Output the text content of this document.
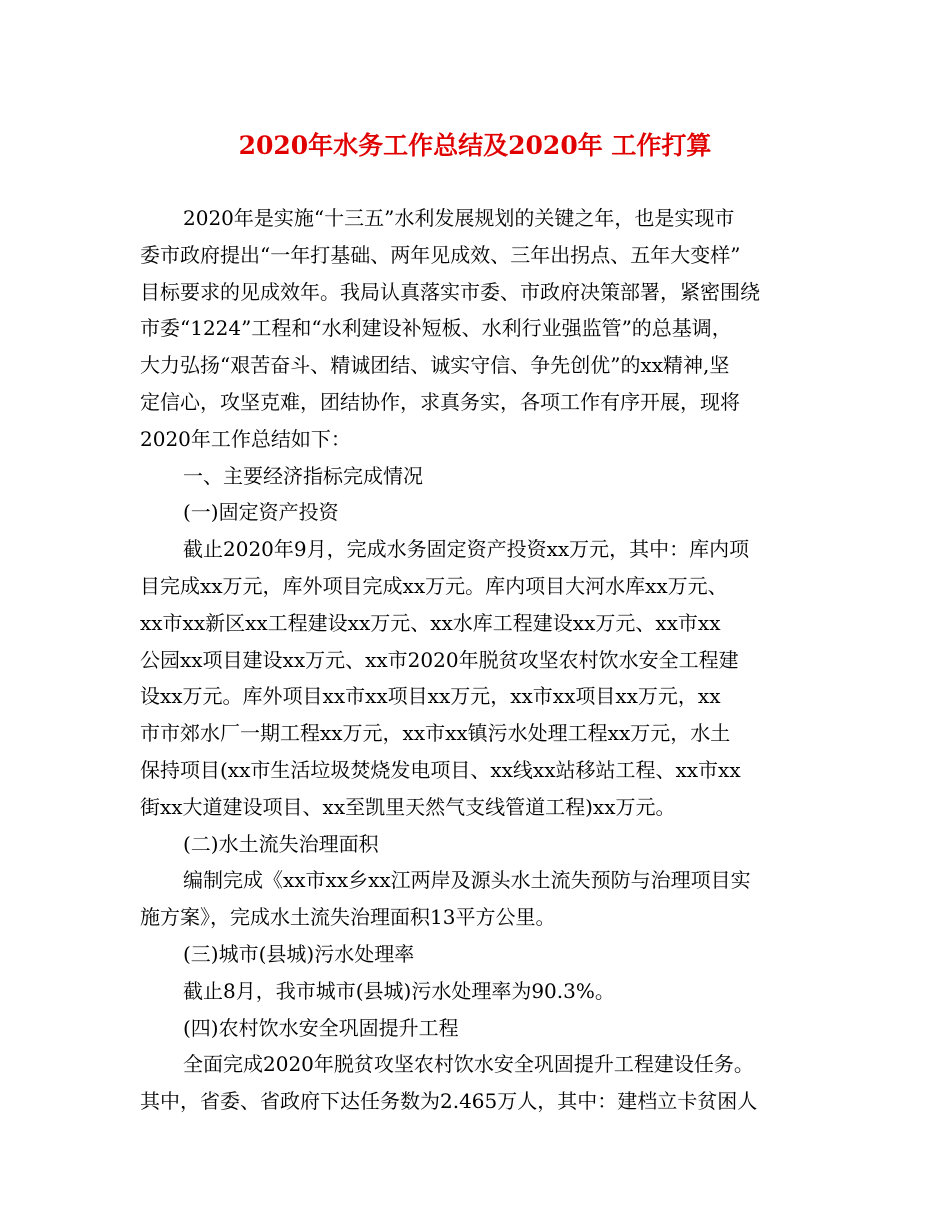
2020年水务工作总结及2020年 工作打算
2020年是实施“十三五”水利发展规划的关键之年，也是实现市
委市政府提出“一年打基础、两年见成效、三年出拐点、五年大变样”
目标要求的见成效年。我局认真落实市委、市政府决策部署，紧密围绕
市委“1224”工程和“水利建设补短板、水利行业强监管”的总基调，
大力弘扬“艰苦奋斗、精诚团结、诚实守信、争先创优”的xx精神,坚
定信心，攻坚克难，团结协作，求真务实，各项工作有序开展，现将
2020年工作总结如下：
一、主要经济指标完成情况
(一)固定资产投资
截止2020年9月，完成水务固定资产投资xx万元，其中：库内项
目完成xx万元，库外项目完成xx万元。库内项目大河水库xx万元、
xx市xx新区xx工程建设xx万元、xx水库工程建设xx万元、xx市xx
公园xx项目建设xx万元、xx市2020年脱贫攻坚农村饮水安全工程建
设xx万元。库外项目xx市xx项目xx万元，xx市xx项目xx万元，xx
市市郊水厂一期工程xx万元，xx市xx镇污水处理工程xx万元，水土
保持项目(xx市生活垃圾焚烧发电项目、xx线xx站移站工程、xx市xx
街xx大道建设项目、xx至凯里天然气支线管道工程)xx万元。
(二)水土流失治理面积
编制完成《xx市xx乡xx江两岸及源头水土流失预防与治理项目实
施方案》，完成水土流失治理面积13平方公里。
(三)城市(县城)污水处理率
截止8月，我市城市(县城)污水处理率为90.3%。
(四)农村饮水安全巩固提升工程
全面完成2020年脱贫攻坚农村饮水安全巩固提升工程建设任务。
其中，省委、省政府下达任务数为2.465万人，其中：建档立卡贫困人
